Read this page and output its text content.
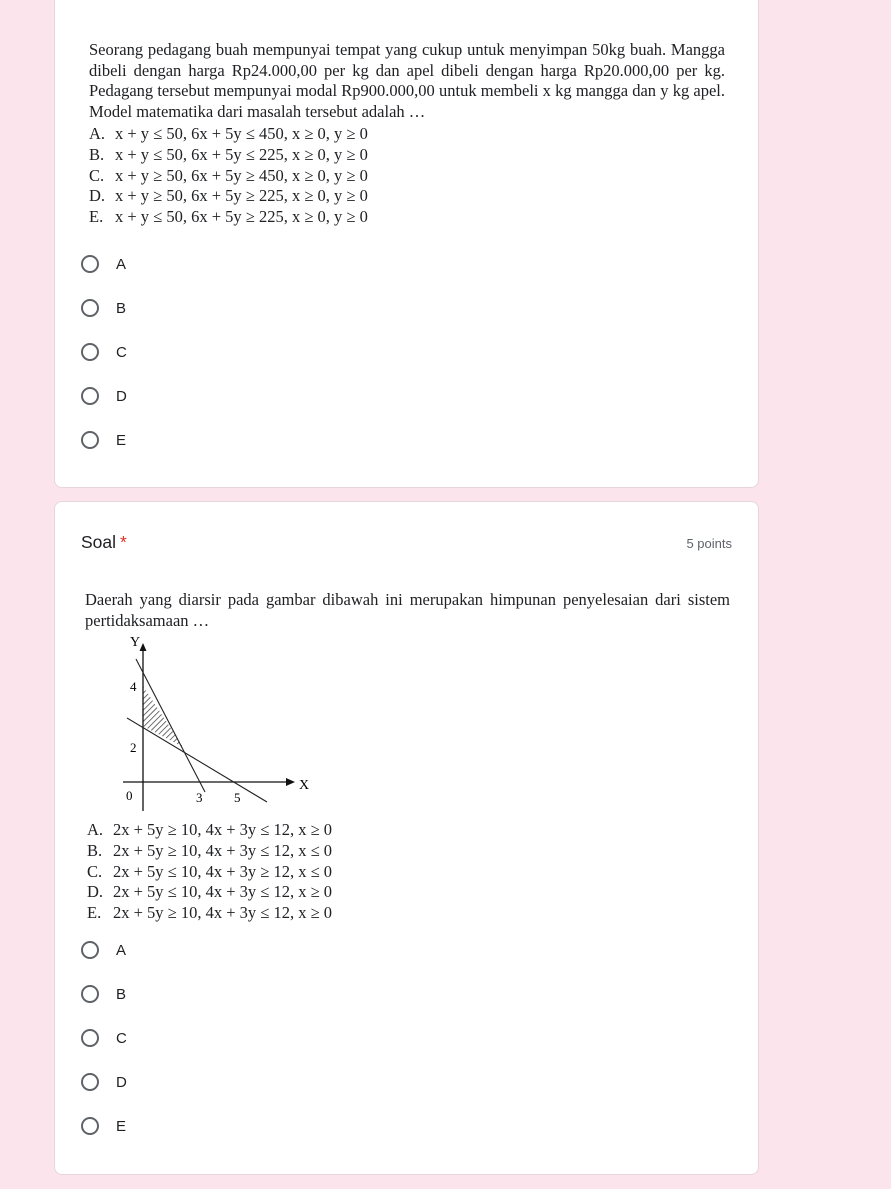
Seorang pedagang buah mempunyai tempat yang cukup untuk menyimpan 50kg buah. Mangga dibeli dengan harga Rp24.000,00 per kg dan apel dibeli dengan harga Rp20.000,00 per kg. Pedagang tersebut mempunyai modal Rp900.000,00 untuk membeli x kg mangga dan y kg apel. Model matematika dari masalah tersebut adalah …
A. x + y ≤ 50, 6x + 5y ≤ 450, x ≥ 0, y ≥ 0
B. x + y ≤ 50, 6x + 5y ≤ 225, x ≥ 0, y ≥ 0
C. x + y ≥ 50, 6x + 5y ≥ 450, x ≥ 0, y ≥ 0
D. x + y ≥ 50, 6x + 5y ≥ 225, x ≥ 0, y ≥ 0
E. x + y ≤ 50, 6x + 5y ≥ 225, x ≥ 0, y ≥ 0
A
B
C
D
E
Soal *	5 points
Daerah yang diarsir pada gambar dibawah ini merupakan himpunan penyelesaian dari sistem pertidaksamaan …
Y
X
4
2
0	3 5
A. 2x + 5y ≥ 10, 4x + 3y ≤ 12, x ≥ 0
B. 2x + 5y ≥ 10, 4x + 3y ≤ 12, x ≤ 0
C. 2x + 5y ≤ 10, 4x + 3y ≥ 12, x ≤ 0
D. 2x + 5y ≤ 10, 4x + 3y ≤ 12, x ≥ 0
E. 2x + 5y ≥ 10, 4x + 3y ≤ 12, x ≥ 0
A
B
C
D
E
